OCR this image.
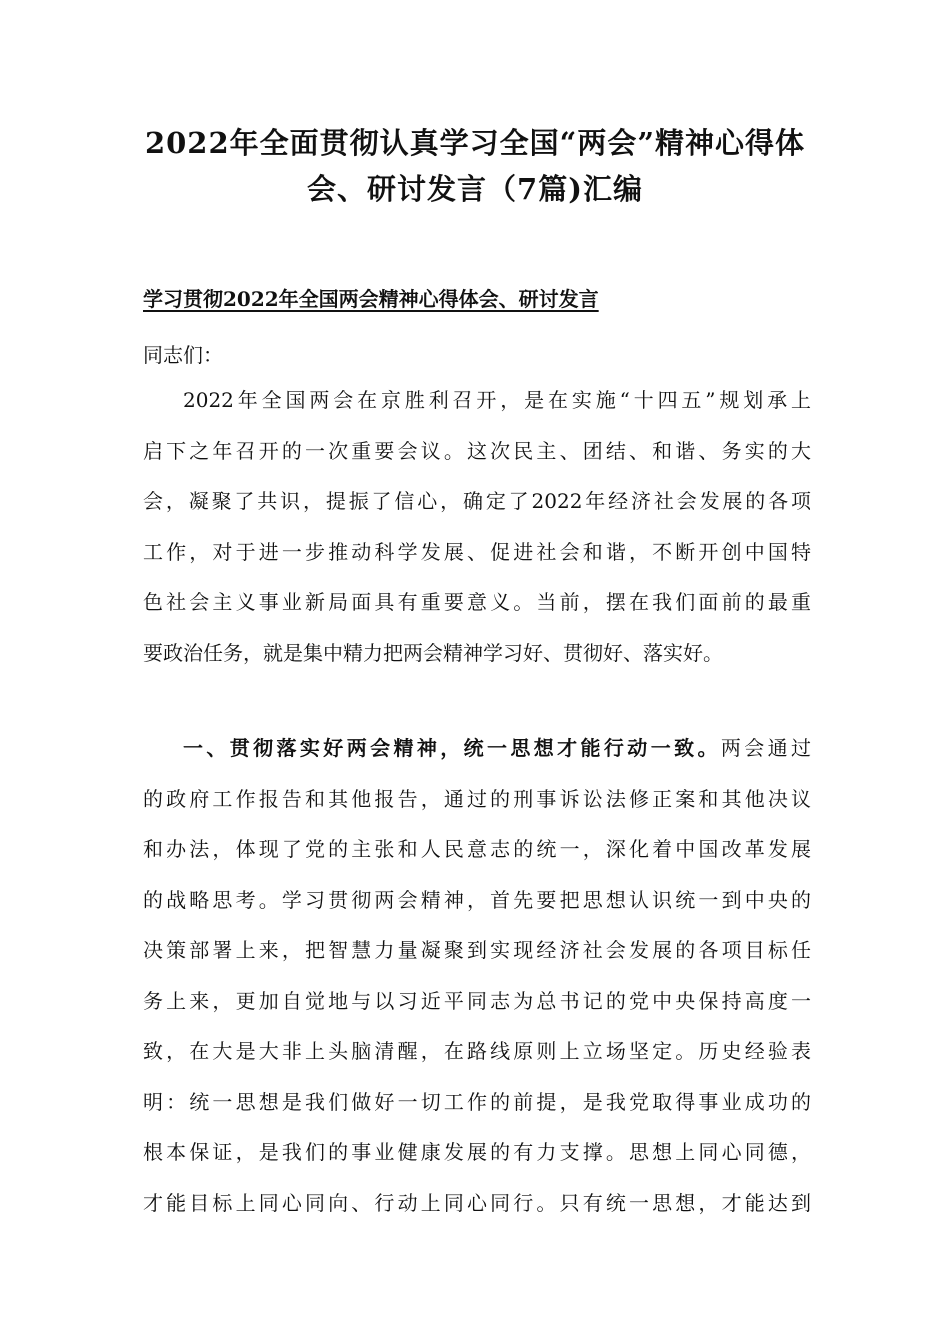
2022年全面贯彻认真学习全国“两会”精神心得体
会、研讨发言（7篇)汇编
学习贯彻2022年全国两会精神心得体会、研讨发言

同志们：

2022年全国两会在京胜利召开，是在实施“十四五”规划承上
启下之年召开的一次重要会议。这次民主、团结、和谐、务实的大
会，凝聚了共识，提振了信心，确定了2022年经济社会发展的各项
工作，对于进一步推动科学发展、促进社会和谐，不断开创中国特
色社会主义事业新局面具有重要意义。当前，摆在我们面前的最重
要政治任务，就是集中精力把两会精神学习好、贯彻好、落实好。
一、贯彻落实好两会精神，统一思想才能行动一致。两会通过
的政府工作报告和其他报告，通过的刑事诉讼法修正案和其他决议
和办法，体现了党的主张和人民意志的统一，深化着中国改革发展
的战略思考。学习贯彻两会精神，首先要把思想认识统一到中央的
决策部署上来，把智慧力量凝聚到实现经济社会发展的各项目标任
务上来，更加自觉地与以习近平同志为总书记的党中央保持高度一
致，在大是大非上头脑清醒，在路线原则上立场坚定。历史经验表
明：统一思想是我们做好一切工作的前提，是我党取得事业成功的
根本保证，是我们的事业健康发展的有力支撑。思想上同心同德，
才能目标上同心同向、行动上同心同行。只有统一思想，才能达到
